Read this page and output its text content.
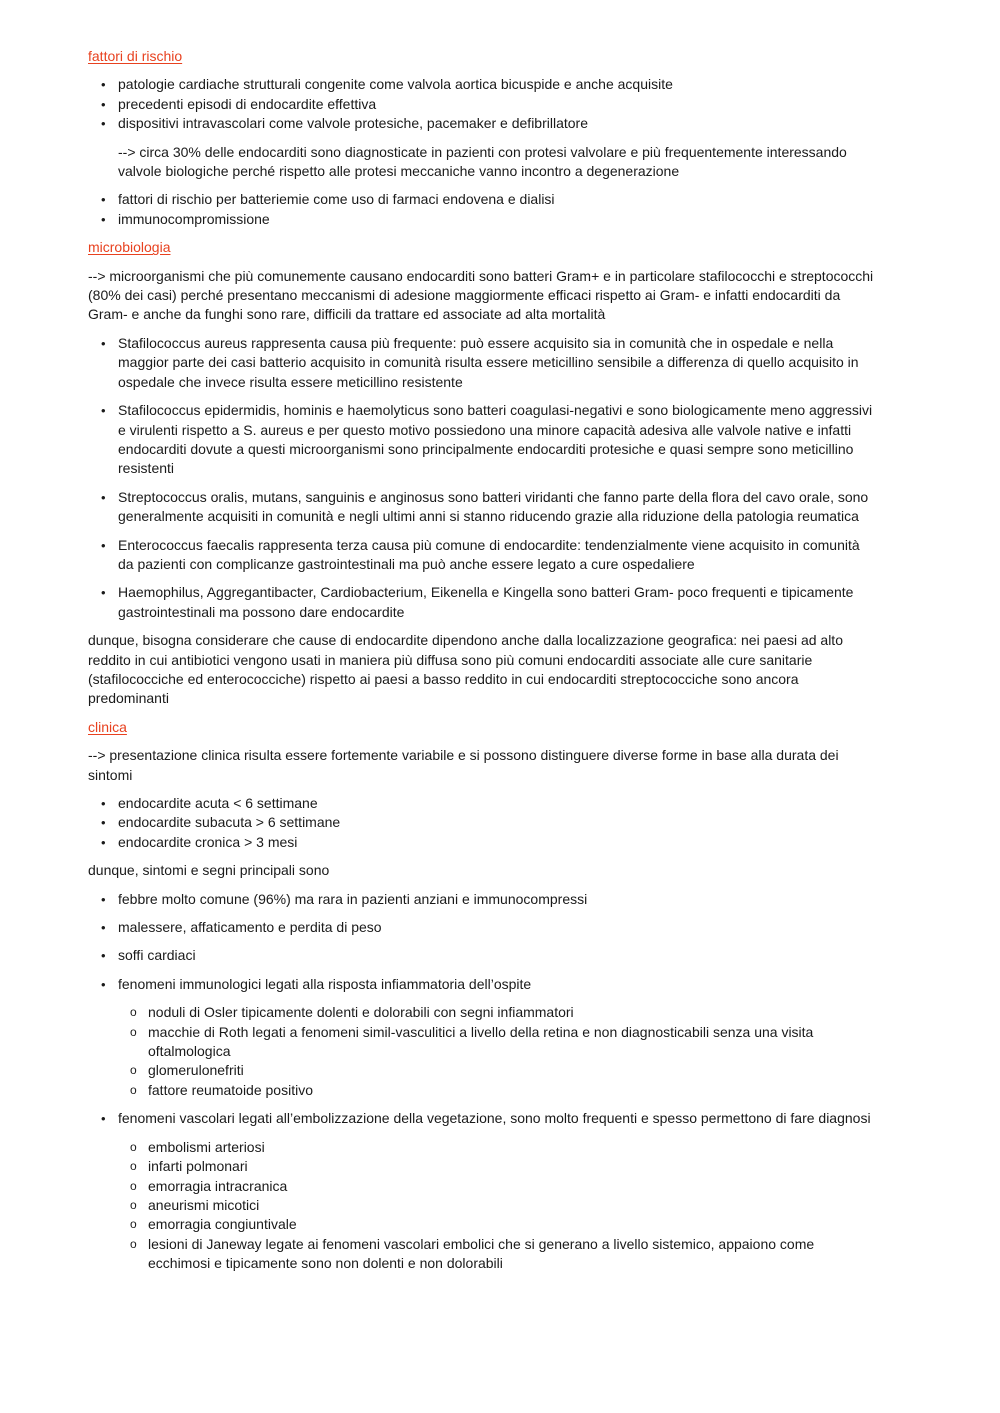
fattori di rischio
• patologie cardiache strutturali congenite come valvola aortica bicuspide e anche acquisite
• precedenti episodi di endocardite effettiva
• dispositivi intravascolari come valvole protesiche, pacemaker e defibrillatore

--> circa 30% delle endocarditi sono diagnosticate in pazienti con protesi valvolare e più frequentemente interessando valvole biologiche perché rispetto alle protesi meccaniche vanno incontro a degenerazione

• fattori di rischio per batteriemie come uso di farmaci endovena e dialisi
• immunocompromissione
microbiologia

--> microorganismi che più comunemente causano endocarditi sono batteri Gram+ e in particolare stafilococchi e streptococchi (80% dei casi) perché presentano meccanismi di adesione maggiormente efficaci rispetto ai Gram- e infatti endocarditi da Gram- e anche da funghi sono rare, difficili da trattare ed associate ad alta mortalità

• Stafilococcus aureus rappresenta causa più frequente: può essere acquisito sia in comunità che in ospedale e nella maggior parte dei casi batterio acquisito in comunità risulta essere meticillino sensibile a differenza di quello acquisito in ospedale che invece risulta essere meticillino resistente
• Stafilococcus epidermidis, hominis e haemolyticus sono batteri coagulasi-negativi e sono biologicamente meno aggressivi e virulenti rispetto a S. aureus e per questo motivo possiedono una minore capacità adesiva alle valvole native e infatti endocarditi dovute a questi microorganismi sono principalmente endocarditi protesiche e quasi sempre sono meticillino resistenti
• Streptococcus oralis, mutans, sanguinis e anginosus sono batteri viridanti che fanno parte della flora del cavo orale, sono generalmente acquisiti in comunità e negli ultimi anni si stanno riducendo grazie alla riduzione della patologia reumatica
• Enterococcus faecalis rappresenta terza causa più comune di endocardite: tendenzialmente viene acquisito in comunità da pazienti con complicanze gastrointestinali ma può anche essere legato a cure ospedaliere
• Haemophilus, Aggregantibacter, Cardiobacterium, Eikenella e Kingella sono batteri Gram- poco frequenti e tipicamente gastrointestinali ma possono dare endocardite

dunque, bisogna considerare che cause di endocardite dipendono anche dalla localizzazione geografica: nei paesi ad alto reddito in cui antibiotici vengono usati in maniera più diffusa sono più comuni endocarditi associate alle cure sanitarie (stafilococciche ed enterococciche) rispetto ai paesi a basso reddito in cui endocarditi streptococciche sono ancora predominanti

clinica

--> presentazione clinica risulta essere fortemente variabile e si possono distinguere diverse forme in base alla durata dei sintomi

• endocardite acuta < 6 settimane
• endocardite subacuta > 6 settimane
• endocardite cronica > 3 mesi

dunque, sintomi e segni principali sono

• febbre molto comune (96%) ma rara in pazienti anziani e immunocompressi
• malessere, affaticamento e perdita di peso
• soffi cardiaci
• fenomeni immunologici legati alla risposta infiammatoria dell’ospite
o noduli di Osler tipicamente dolenti e dolorabili con segni infiammatori
o macchie di Roth legati a fenomeni simil-vasculitici a livello della retina e non diagnosticabili senza una visita oftalmologica
o glomerulonefriti
o fattore reumatoide positivo
• fenomeni vascolari legati all’embolizzazione della vegetazione, sono molto frequenti e spesso permettono di fare diagnosi
o embolismi arteriosi
o infarti polmonari
o emorragia intracranica
o aneurismi micotici
o emorragia congiuntivale
o lesioni di Janeway legate ai fenomeni vascolari embolici che si generano a livello sistemico, appaiono come ecchimosi e tipicamente sono non dolenti e non dolorabili
